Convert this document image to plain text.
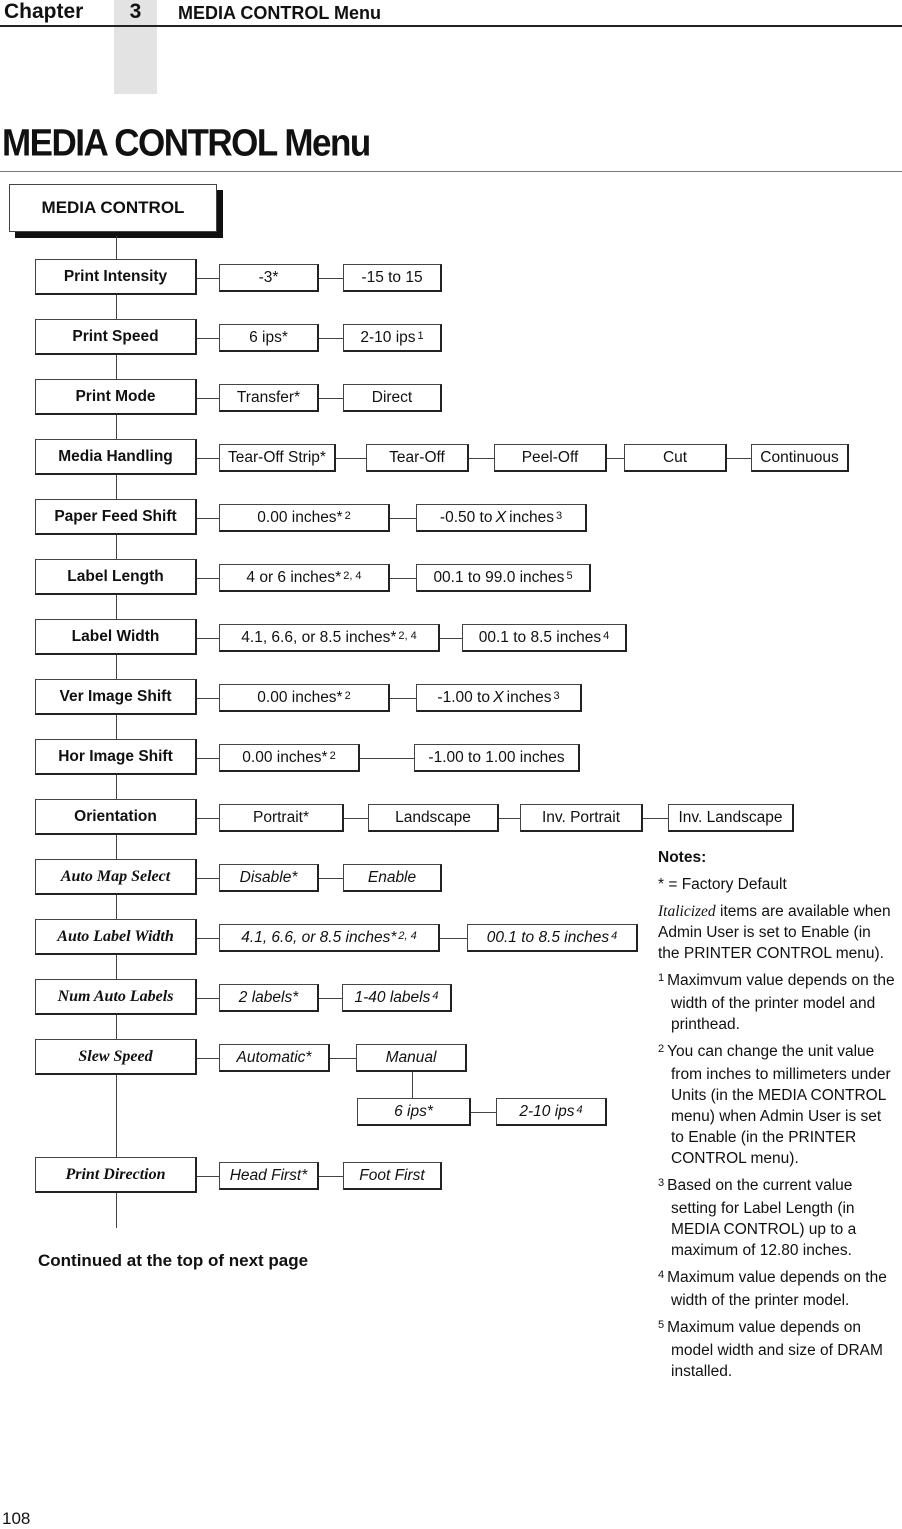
Chapter	3	MEDIA CONTROL Menu
MEDIA CONTROL Menu
MEDIA CONTROL
Print Intensity	-3*	-15 to 15
Print Speed	6 ips*	2-10 ips$^1$
Print Mode	Transfer*	Direct
Media Handling	Tear-Off Strip*	Tear-Off	Peel-Off	Cut	Continuous
Paper Feed Shift	0.00 inches*$^2$	-0.50 to X inches$^3$
Label Length	4 or 6 inches*$^{2, 4}$	00.1 to 99.0 inches$^5$
Label Width	4.1, 6.6, or 8.5 inches*$^{2, 4}$	00.1 to 8.5 inches$^4$
Ver Image Shift	0.00 inches*$^2$	-1.00 to X inches$^3$
Hor Image Shift	0.00 inches*$^2$	-1.00 to 1.00 inches
Orientation	Portrait*	Landscape	Inv. Portrait	Inv. Landscape
Auto Map Select	Disable*	Enable
Auto Label Width	4.1, 6.6, or 8.5 inches*$^{2, 4}$	00.1 to 8.5 inches$^4$
Num Auto Labels	2 labels*	1-40 labels$^4$
Slew Speed	Automatic*	Manual
6 ips*	2-10 ips$^4$
Print Direction	Head First*	Foot First
Continued at the top of next page
Notes:
* = Factory Default
Italicized items are available when Admin User is set to Enable (in the PRINTER CONTROL menu).
$^1$ Maximvum value depends on the width of the printer model and printhead.
$^2$ You can change the unit value from inches to millimeters under Units (in the MEDIA CONTROL menu) when Admin User is set to Enable (in the PRINTER CONTROL menu).
$^3$ Based on the current value setting for Label Length (in MEDIA CONTROL) up to a maximum of 12.80 inches.
$^4$ Maximum value depends on the width of the printer model.
$^5$ Maximum value depends on model width and size of DRAM installed.
108
